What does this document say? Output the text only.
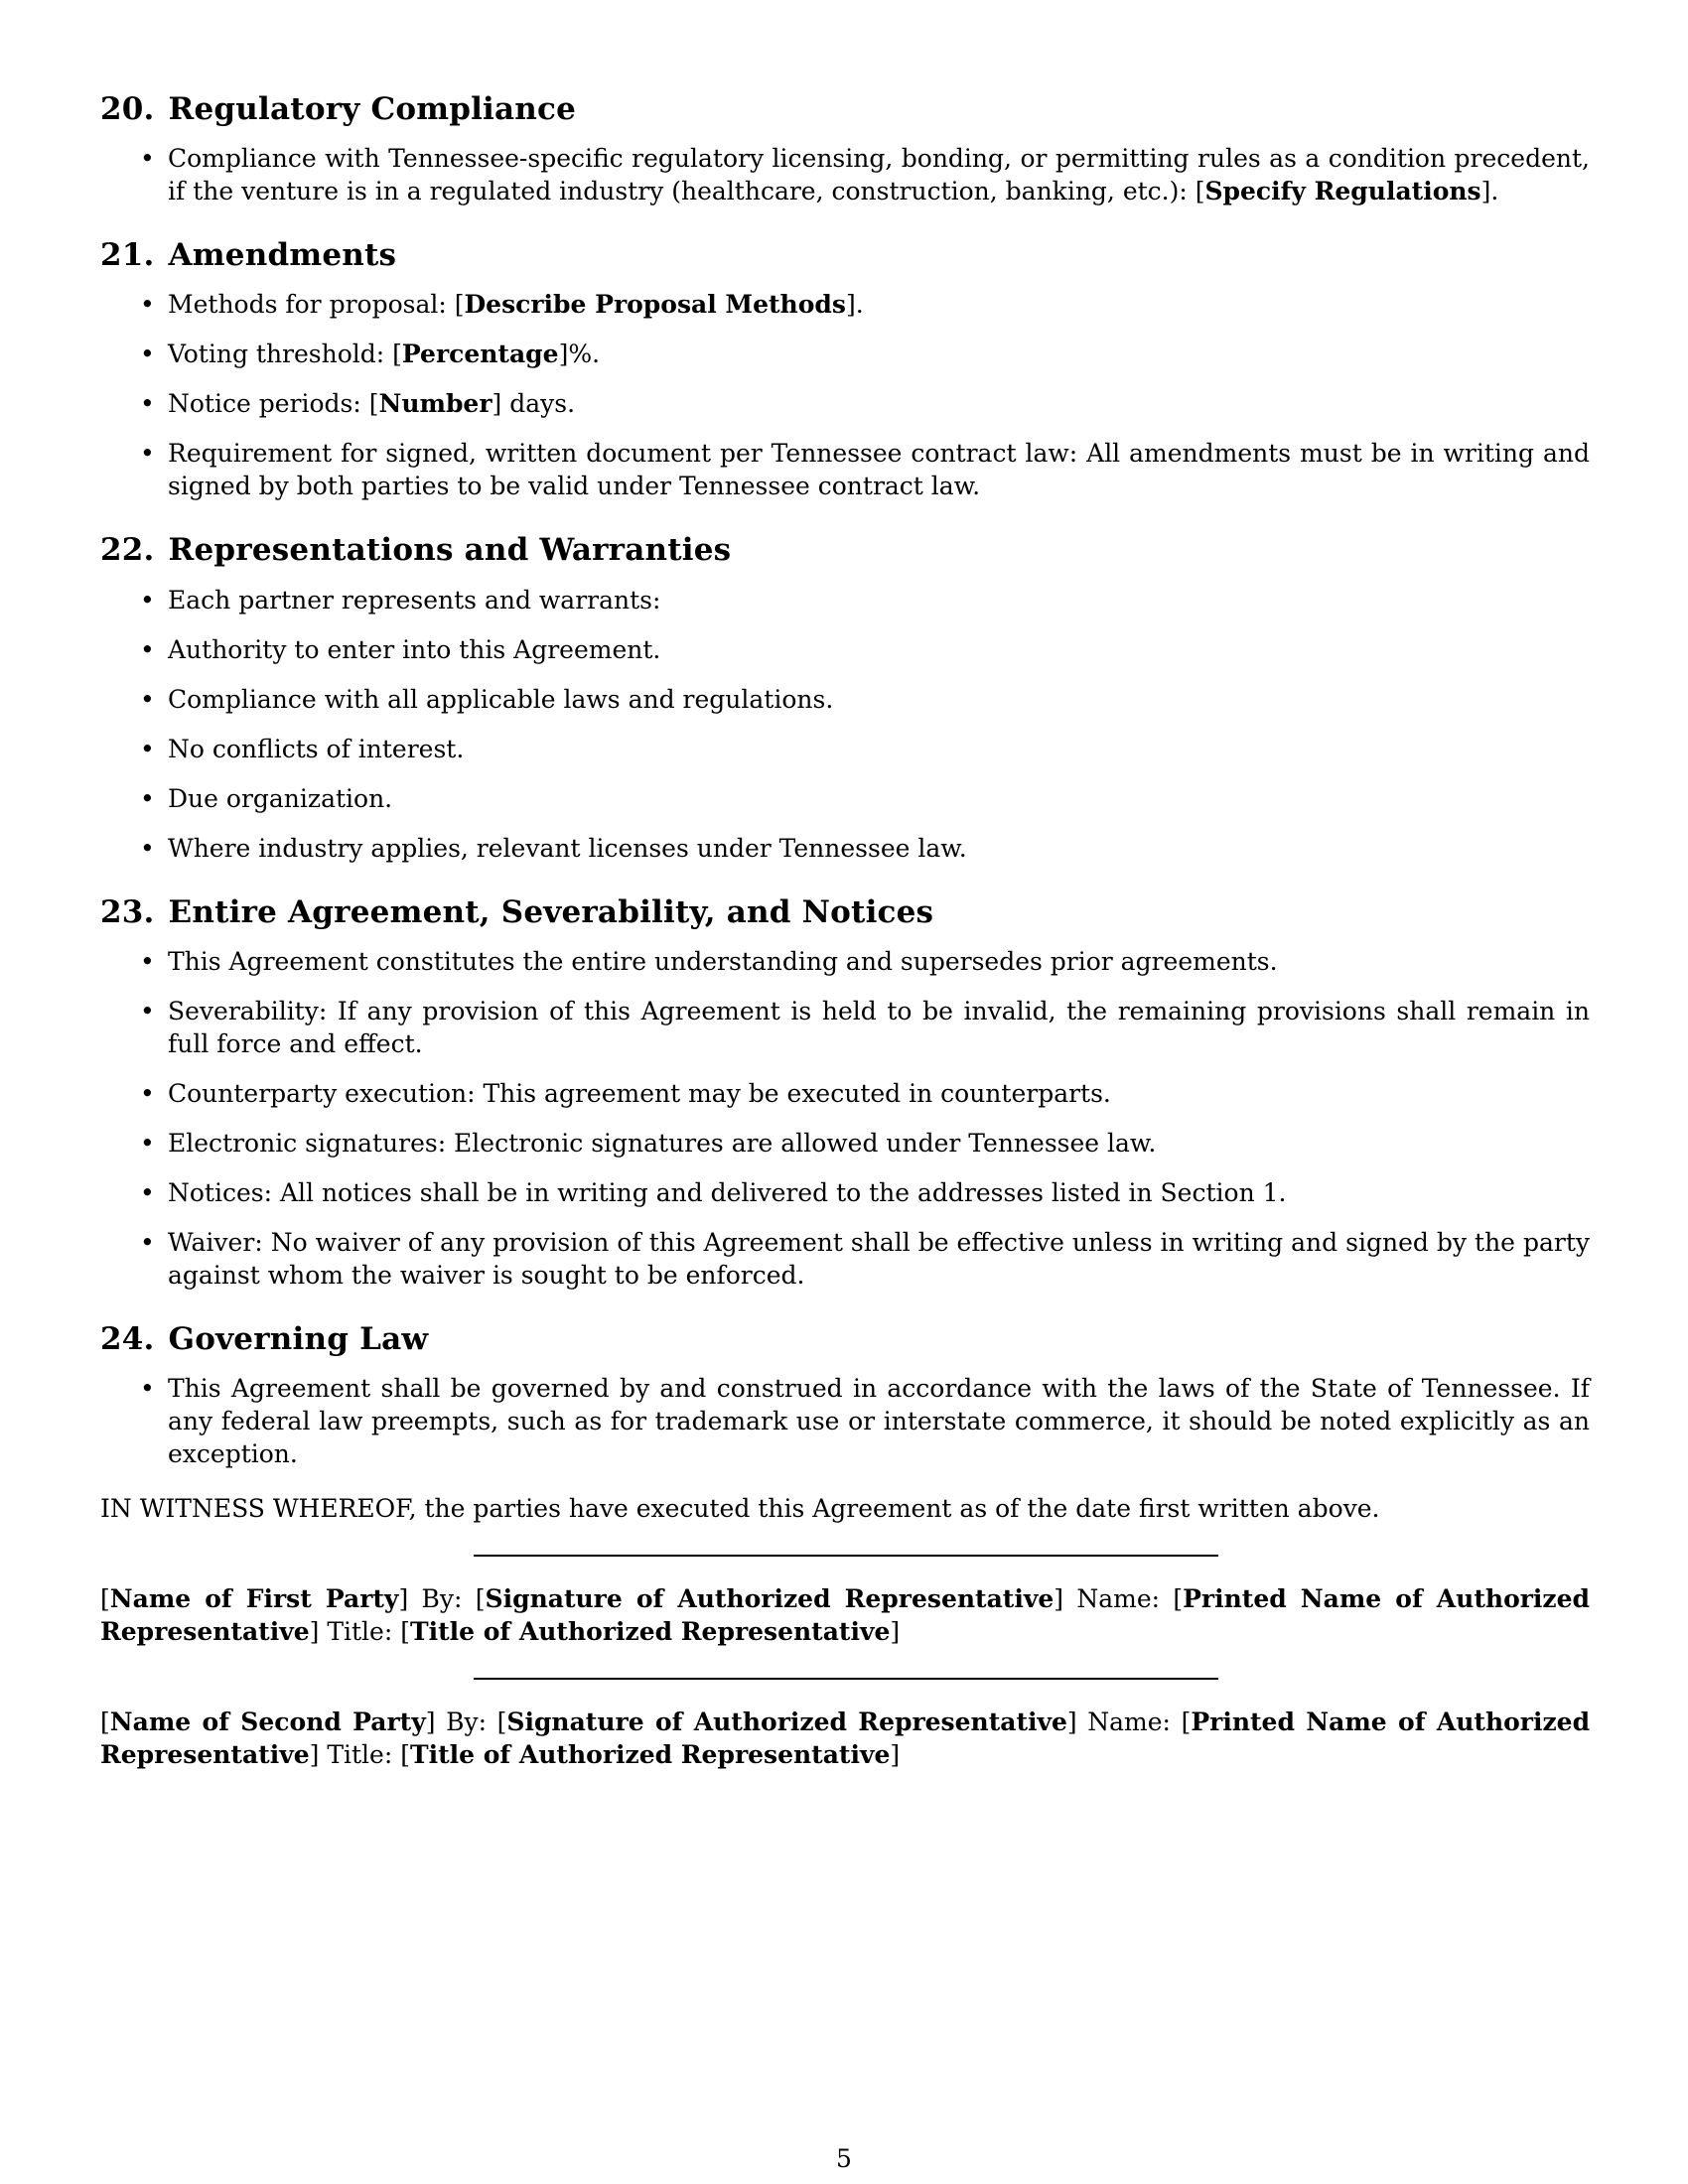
20. Regulatory Compliance
• Compliance with Tennessee-specific regulatory licensing, bonding, or permitting rules as a condition precedent, if the venture is in a regulated industry (healthcare, construction, banking, etc.): [Specify Regulations].
21. Amendments
• Methods for proposal: [Describe Proposal Methods].
• Voting threshold: [Percentage]%.
• Notice periods: [Number] days.
• Requirement for signed, written document per Tennessee contract law: All amendments must be in writing and signed by both parties to be valid under Tennessee contract law.
22. Representations and Warranties
• Each partner represents and warrants:
• Authority to enter into this Agreement.
• Compliance with all applicable laws and regulations.
• No conflicts of interest.
• Due organization.
• Where industry applies, relevant licenses under Tennessee law.
23. Entire Agreement, Severability, and Notices
• This Agreement constitutes the entire understanding and supersedes prior agreements.
• Severability: If any provision of this Agreement is held to be invalid, the remaining provisions shall remain in full force and effect.
• Counterparty execution: This agreement may be executed in counterparts.
• Electronic signatures: Electronic signatures are allowed under Tennessee law.
• Notices: All notices shall be in writing and delivered to the addresses listed in Section 1.
• Waiver: No waiver of any provision of this Agreement shall be effective unless in writing and signed by the party against whom the waiver is sought to be enforced.
24. Governing Law
• This Agreement shall be governed by and construed in accordance with the laws of the State of Tennessee. If any federal law preempts, such as for trademark use or interstate commerce, it should be noted explicitly as an exception.

IN WITNESS WHEREOF, the parties have executed this Agreement as of the date first written above.

[Name of First Party] By: [Signature of Authorized Representative] Name: [Printed Name of Authorized Representative] Title: [Title of Authorized Representative]
[Name of Second Party] By: [Signature of Authorized Representative] Name: [Printed Name of Authorized Representative] Title: [Title of Authorized Representative]
5
